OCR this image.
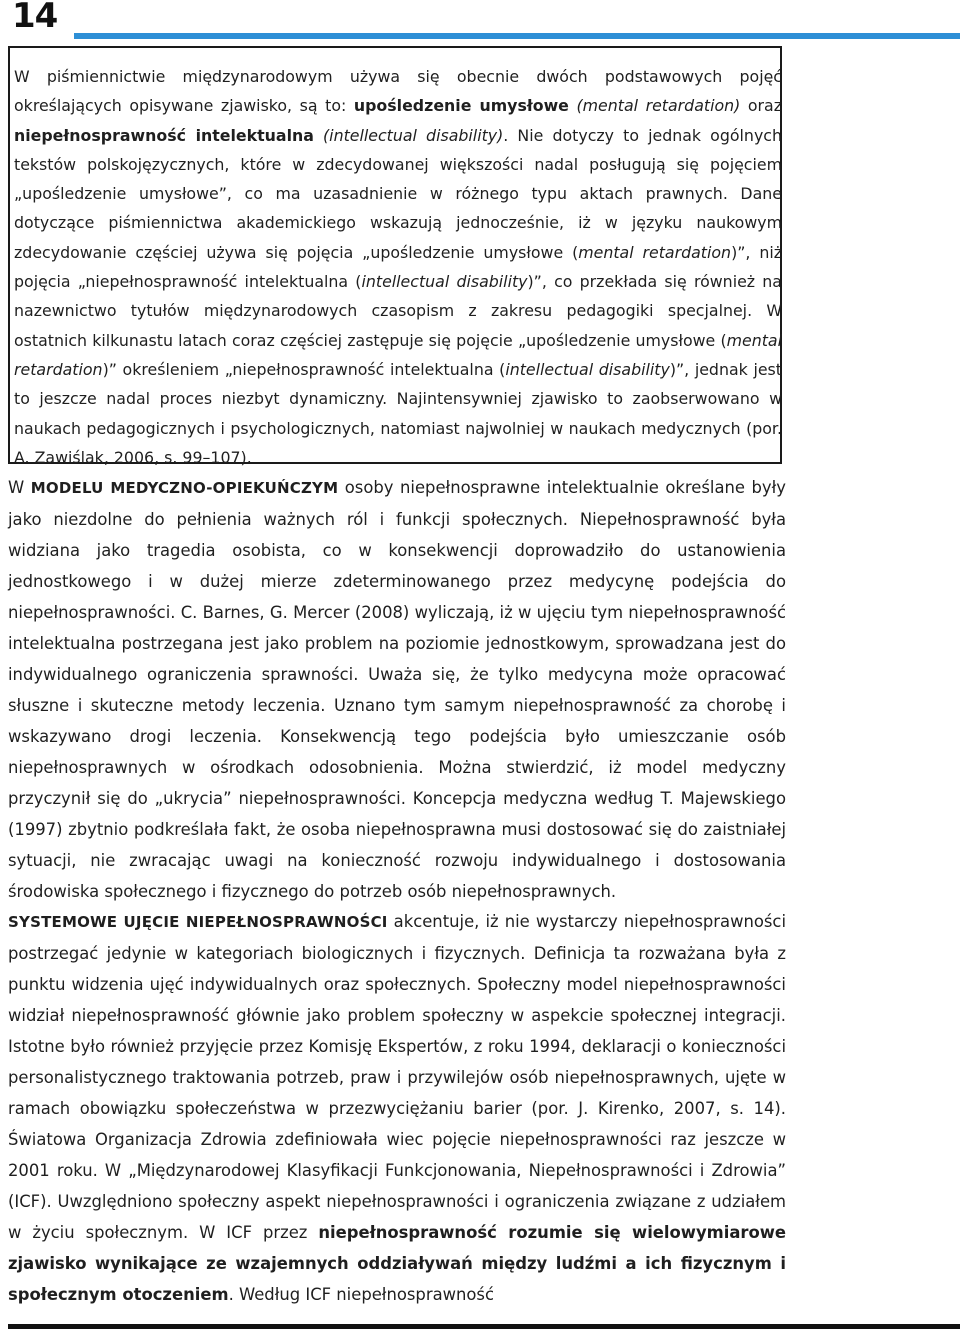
14

W piśmiennictwie międzynarodowym używa się obecnie dwóch podstawowych pojęć określających opisywane zjawisko, są to: upośledzenie umysłowe (mental retardation) oraz niepełnosprawność intelektualna (intellectual disability). Nie dotyczy to jednak ogólnych tekstów polskojęzycznych, które w zdecydowanej większości nadal posługują się pojęciem „upośledzenie umysłowe”, co ma uzasadnienie w różnego typu aktach prawnych. Dane dotyczące piśmiennictwa akademickiego wskazują jednocześnie, iż w języku naukowym zdecydowanie częściej używa się pojęcia „upośledzenie umysłowe (mental retardation)”, niż pojęcia „niepełnosprawność intelektualna (intellectual disability)”, co przekłada się również na nazewnictwo tytułów międzynarodowych czasopism z zakresu pedagogiki specjalnej. W ostatnich kilkunastu latach coraz częściej zastępuje się pojęcie „upośledzenie umysłowe (mental retardation)” określeniem „niepełnosprawność intelektualna (intellectual disability)”, jednak jest to jeszcze nadal proces niezbyt dynamiczny. Najintensywniej zjawisko to zaobserwowano w naukach pedagogicznych i psychologicznych, natomiast najwolniej w naukach medycznych (por. A. Zawiślak, 2006, s. 99–107).

W MODELU MEDYCZNO-OPIEKUŃCZYM osoby niepełnosprawne intelektualnie określane były jako niezdolne do pełnienia ważnych ról i funkcji społecznych. Niepełnosprawność była widziana jako tragedia osobista, co w konsekwencji doprowadziło do ustanowienia jednostkowego i w dużej mierze zdeterminowanego przez medycynę podejścia do niepełnosprawności. C. Barnes, G. Mercer (2008) wyliczają, iż w ujęciu tym niepełnosprawność intelektualna postrzegana jest jako problem na poziomie jednostkowym, sprowadzana jest do indywidualnego ograniczenia sprawności. Uważa się, że tylko medycyna może opracować słuszne i skuteczne metody leczenia. Uznano tym samym niepełnosprawność za chorobę i wskazywano drogi leczenia. Konsekwencją tego podejścia było umieszczanie osób niepełnosprawnych w ośrodkach odosobnienia. Można stwierdzić, iż model medyczny przyczynił się do „ukrycia” niepełnosprawności. Koncepcja medyczna według T. Majewskiego (1997) zbytnio podkreślała fakt, że osoba niepełnosprawna musi dostosować się do zaistniałej sytuacji, nie zwracając uwagi na konieczność rozwoju indywidualnego i dostosowania środowiska społecznego i fizycznego do potrzeb osób niepełnosprawnych.

SYSTEMOWE UJĘCIE NIEPEŁNOSPRAWNOŚCI akcentuje, iż nie wystarczy niepełnosprawności postrzegać jedynie w kategoriach biologicznych i fizycznych. Definicja ta rozważana była z punktu widzenia ujęć indywidualnych oraz społecznych. Społeczny model niepełnosprawności widział niepełnosprawność głównie jako problem społeczny w aspekcie społecznej integracji. Istotne było również przyjęcie przez Komisję Ekspertów, z roku 1994, deklaracji o konieczności personalistycznego traktowania potrzeb, praw i przywilejów osób niepełnosprawnych, ujęte w ramach obowiązku społeczeństwa w przezwyciężaniu barier (por. J. Kirenko, 2007, s. 14). Światowa Organizacja Zdrowia zdefiniowała wiec pojęcie niepełnosprawności raz jeszcze w 2001 roku. W „Międzynarodowej Klasyfikacji Funkcjonowania, Niepełnosprawności i Zdrowia” (ICF). Uwzględniono społeczny aspekt niepełnosprawności i ograniczenia związane z udziałem w życiu społecznym. W ICF przez niepełnosprawność rozumie się wielowymiarowe zjawisko wynikające ze wzajemnych oddziaływań między ludźmi a ich fizycznym i społecznym otoczeniem. Według ICF niepełnosprawność
